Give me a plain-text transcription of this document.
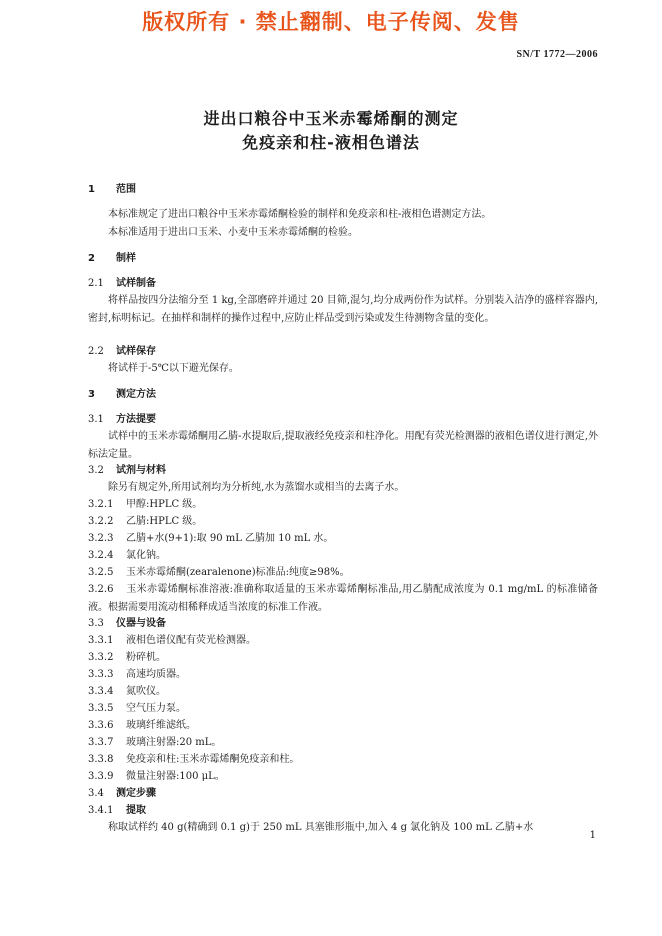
版权所有 · 禁止翻制、电子传阅、发售
SN/T 1772—2006
进出口粮谷中玉米赤霉烯酮的测定
免疫亲和柱-液相色谱法
1 范围
本标准规定了进出口粮谷中玉米赤霉烯酮检验的制样和免疫亲和柱-液相色谱测定方法。
本标准适用于进出口玉米、小麦中玉米赤霉烯酮的检验。
2 制样
2.1 试样制备
将样品按四分法缩分至 1 kg,全部磨碎并通过 20 目筛,混匀,均分成两份作为试样。分别装入洁净的盛样容器内,密封,标明标记。在抽样和制样的操作过程中,应防止样品受到污染或发生待测物含量的变化。
2.2 试样保存
将试样于-5℃以下避光保存。
3 测定方法
3.1 方法提要
试样中的玉米赤霉烯酮用乙腈-水提取后,提取液经免疫亲和柱净化。用配有荧光检测器的液相色谱仪进行测定,外标法定量。
3.2 试剂与材料
除另有规定外,所用试剂均为分析纯,水为蒸馏水或相当的去离子水。
3.2.1 甲醇:HPLC 级。
3.2.2 乙腈:HPLC 级。
3.2.3 乙腈+水(9+1):取 90 mL 乙腈加 10 mL 水。
3.2.4 氯化钠。
3.2.5 玉米赤霉烯酮(zearalenone)标准品:纯度≥98%。
3.2.6 玉米赤霉烯酮标准溶液:准确称取适量的玉米赤霉烯酮标准品,用乙腈配成浓度为 0.1 mg/mL 的标准储备液。根据需要用流动相稀释成适当浓度的标准工作液。
3.3 仪器与设备
3.3.1 液相色谱仪配有荧光检测器。
3.3.2 粉碎机。
3.3.3 高速均质器。
3.3.4 氮吹仪。
3.3.5 空气压力泵。
3.3.6 玻璃纤维滤纸。
3.3.7 玻璃注射器:20 mL。
3.3.8 免疫亲和柱:玉米赤霉烯酮免疫亲和柱。
3.3.9 微量注射器:100 μL。
3.4 测定步骤
3.4.1 提取
称取试样约 40 g(精确到 0.1 g)于 250 mL 具塞锥形瓶中,加入 4 g 氯化钠及 100 mL 乙腈+水
1
